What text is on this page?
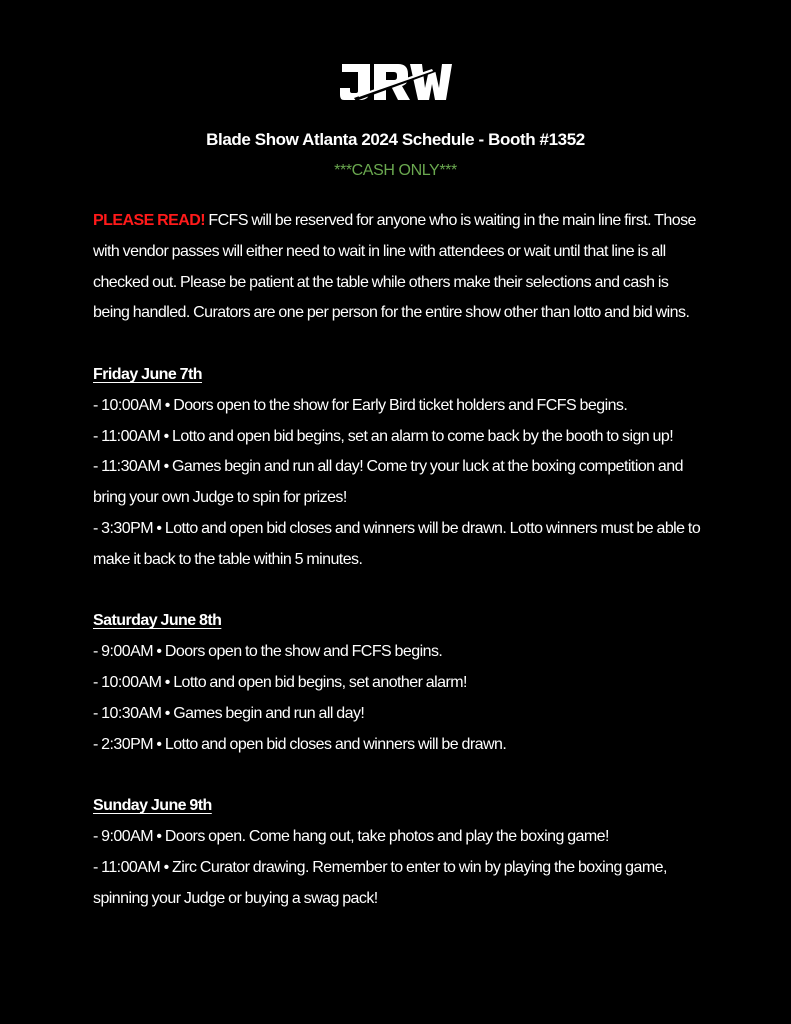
Blade Show Atlanta 2024 Schedule - Booth #1352
***CASH ONLY***

PLEASE READ! FCFS will be reserved for anyone who is waiting in the main line first. Those with vendor passes will either need to wait in line with attendees or wait until that line is all checked out. Please be patient at the table while others make their selections and cash is being handled. Curators are one per person for the entire show other than lotto and bid wins.

Friday June 7th

- 10:00AM • Doors open to the show for Early Bird ticket holders and FCFS begins.

- 11:00AM • Lotto and open bid begins, set an alarm to come back by the booth to sign up!

- 11:30AM • Games begin and run all day! Come try your luck at the boxing competition and bring your own Judge to spin for prizes!

- 3:30PM • Lotto and open bid closes and winners will be drawn. Lotto winners must be able to make it back to the table within 5 minutes.

Saturday June 8th

- 9:00AM • Doors open to the show and FCFS begins.

- 10:00AM • Lotto and open bid begins, set another alarm!

- 10:30AM • Games begin and run all day!

- 2:30PM • Lotto and open bid closes and winners will be drawn.

Sunday June 9th

- 9:00AM • Doors open. Come hang out, take photos and play the boxing game!

- 11:00AM • Zirc Curator drawing. Remember to enter to win by playing the boxing game, spinning your Judge or buying a swag pack!
